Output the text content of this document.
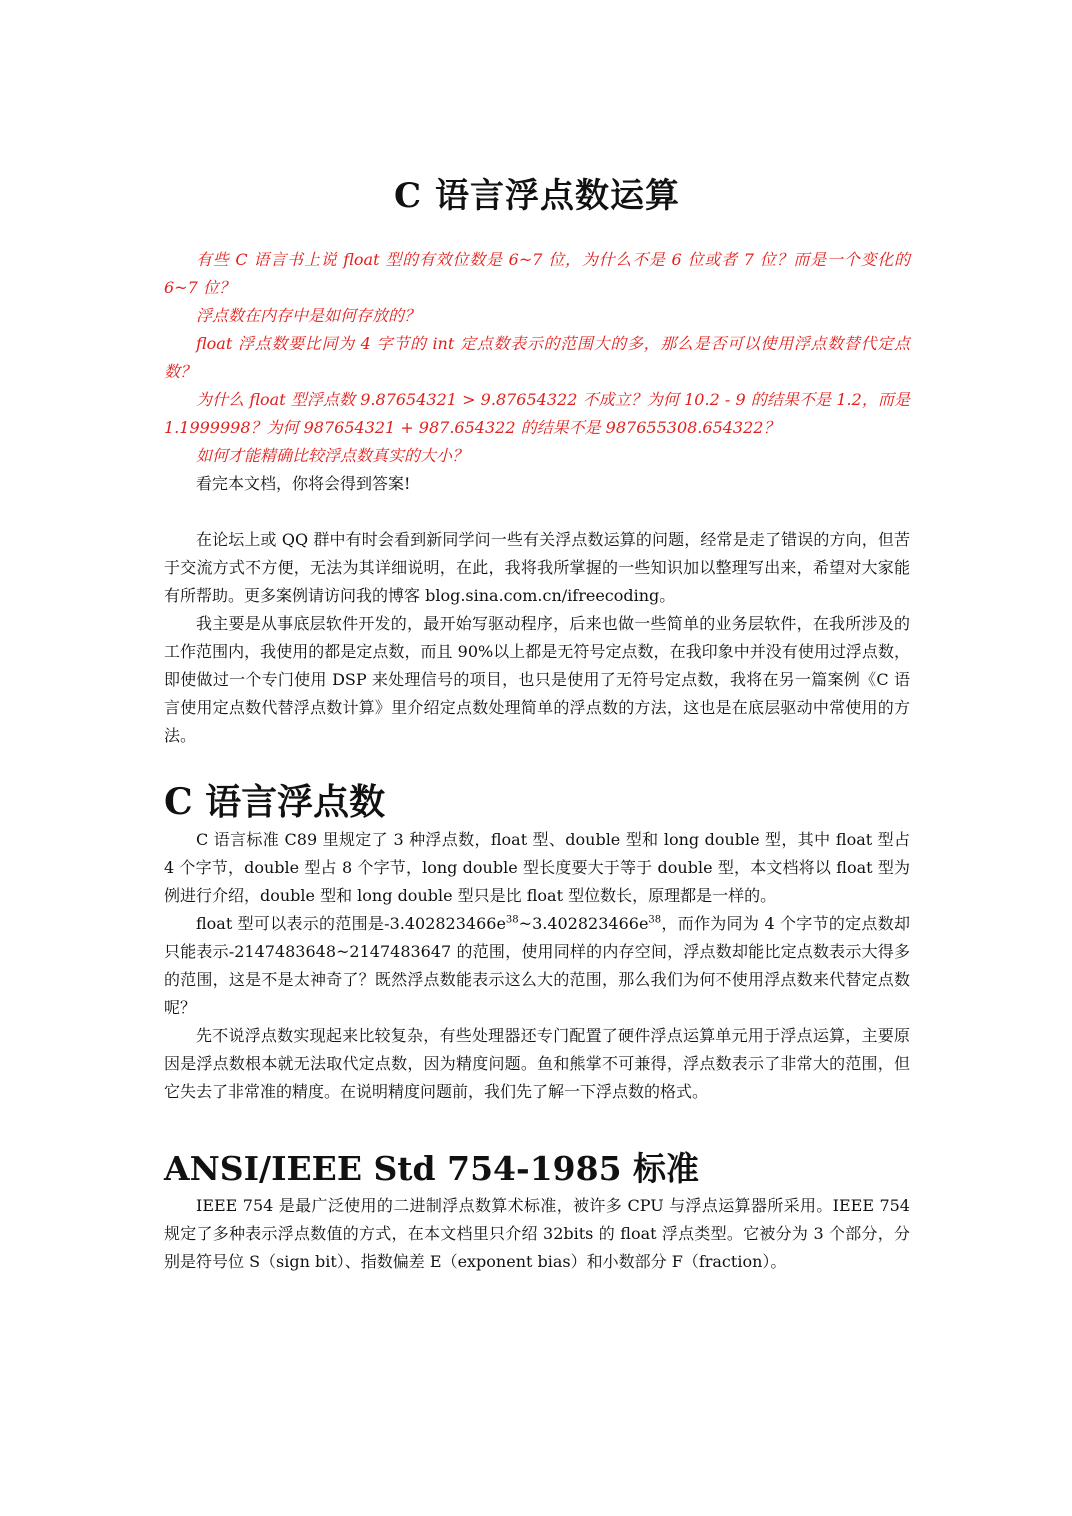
C 语言浮点数运算

有些 C 语言书上说 float 型的有效位数是 6~7 位，为什么不是 6 位或者 7 位？而是一个变化的 6~7 位？

浮点数在内存中是如何存放的？

float 浮点数要比同为 4 字节的 int 定点数表示的范围大的多，那么是否可以使用浮点数替代定点数？

为什么 float 型浮点数 9.87654321 > 9.87654322 不成立？为何 10.2 - 9 的结果不是 1.2，而是 1.1999998？为何 987654321 + 987.654322 的结果不是 987655308.654322？

如何才能精确比较浮点数真实的大小？

看完本文档，你将会得到答案!

在论坛上或 QQ 群中有时会看到新同学问一些有关浮点数运算的问题，经常是走了错误的方向，但苦于交流方式不方便，无法为其详细说明，在此，我将我所掌握的一些知识加以整理写出来，希望对大家能有所帮助。更多案例请访问我的博客 blog.sina.com.cn/ifreecoding。

我主要是从事底层软件开发的，最开始写驱动程序，后来也做一些简单的业务层软件，在我所涉及的工作范围内，我使用的都是定点数，而且 90%以上都是无符号定点数，在我印象中并没有使用过浮点数，即使做过一个专门使用 DSP 来处理信号的项目，也只是使用了无符号定点数，我将在另一篇案例《C 语言使用定点数代替浮点数计算》里介绍定点数处理简单的浮点数的方法，这也是在底层驱动中常使用的方法。

C 语言浮点数

C 语言标准 C89 里规定了 3 种浮点数，float 型、double 型和 long double 型，其中 float 型占 4 个字节，double 型占 8 个字节，long double 型长度要大于等于 double 型，本文档将以 float 型为例进行介绍，double 型和 long double 型只是比 float 型位数长，原理都是一样的。

float 型可以表示的范围是$-3.402823466e^{38}\sim 3.402823466e^{38}$，而作为同为 4 个字节的定点数却只能表示-2147483648~2147483647 的范围，使用同样的内存空间，浮点数却能比定点数表示大得多的范围，这是不是太神奇了？既然浮点数能表示这么大的范围，那么我们为何不使用浮点数来代替定点数呢？

先不说浮点数实现起来比较复杂，有些处理器还专门配置了硬件浮点运算单元用于浮点运算，主要原因是浮点数根本就无法取代定点数，因为精度问题。鱼和熊掌不可兼得，浮点数表示了非常大的范围，但它失去了非常准的精度。在说明精度问题前，我们先了解一下浮点数的格式。

ANSI/IEEE Std 754-1985 标准

IEEE 754 是最广泛使用的二进制浮点数算术标准，被许多 CPU 与浮点运算器所采用。IEEE 754 规定了多种表示浮点数值的方式，在本文档里只介绍 32bits 的 float 浮点类型。它被分为 3 个部分，分别是符号位 S（sign bit）、指数偏差 E（exponent bias）和小数部分 F（fraction）。
